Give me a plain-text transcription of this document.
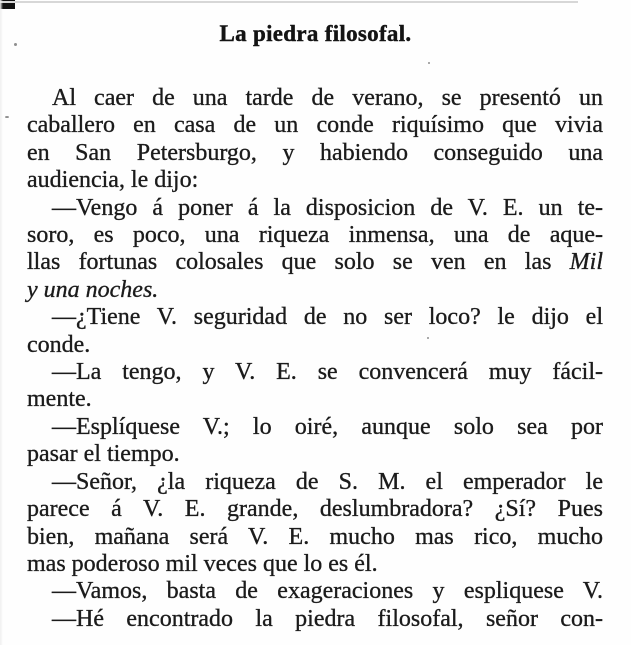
La piedra filosofal.
Al caer de una tarde de verano, se presentó un
caballero en casa de un conde riquísimo que vivia
en San Petersburgo, y habiendo conseguido una
audiencia, le dijo:
—Vengo á poner á la disposicion de V. E. un te-
soro, es poco, una riqueza inmensa, una de aque-
llas fortunas colosales que solo se ven en las Mil
y una noches.
—¿Tiene V. seguridad de no ser loco? le dijo el
conde.
—La tengo, y V. E. se convencerá muy fácil-
mente.
—Esplíquese V.; lo oiré, aunque solo sea por
pasar el tiempo.
—Señor, ¿la riqueza de S. M. el emperador le
parece á V. E. grande, deslumbradora? ¿Sí? Pues
bien, mañana será V. E. mucho mas rico, mucho
mas poderoso mil veces que lo es él.
—Vamos, basta de exageraciones y espliquese V.
—Hé encontrado la piedra filosofal, señor con-
